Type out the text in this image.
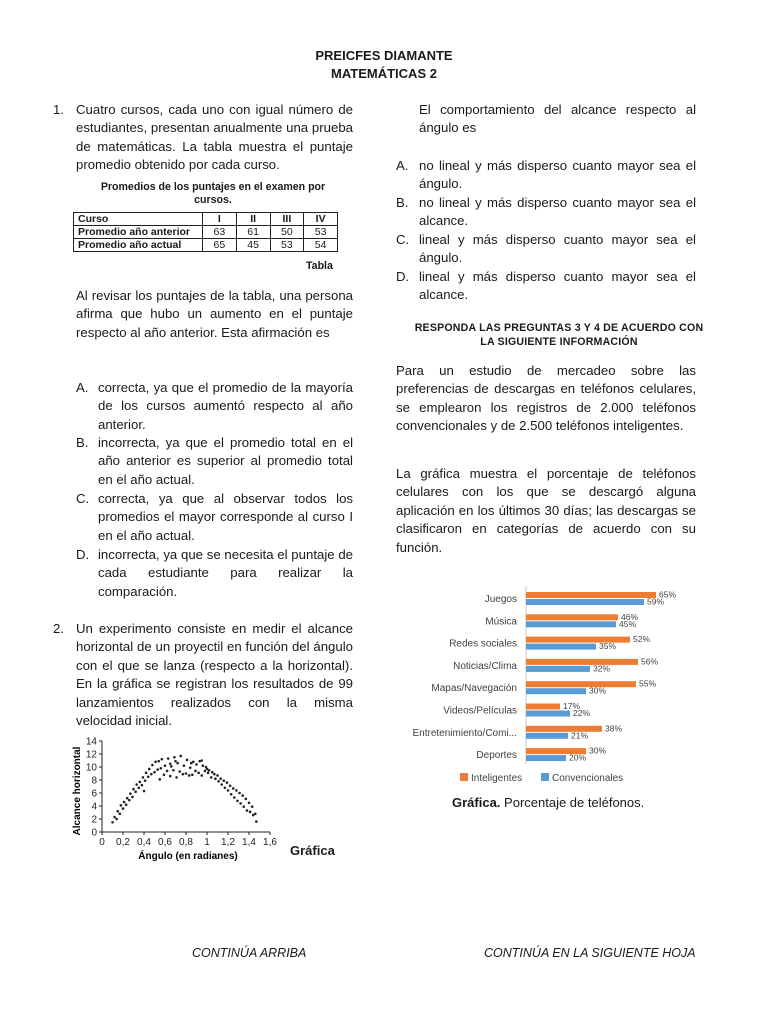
PREICFES DIAMANTE
MATEMÁTICAS 2
1. Cuatro cursos, cada uno con igual número de estudiantes, presentan anualmente una prueba de matemáticas. La tabla muestra el puntaje promedio obtenido por cada curso.
Promedios de los puntajes en el examen por cursos.
Curso	I	II	III	IV
Promedio año anterior	63	61	50	53
Promedio año actual	65	45	53	54
Tabla
Al revisar los puntajes de la tabla, una persona afirma que hubo un aumento en el puntaje respecto al año anterior. Esta afirmación es
A. correcta, ya que el promedio de la mayoría de los cursos aumentó respecto al año anterior.
B. incorrecta, ya que el promedio total en el año anterior es superior al promedio total en el año actual.
C. correcta, ya que al observar todos los promedios el mayor corresponde al curso I en el año actual.
D. incorrecta, ya que se necesita el puntaje de cada estudiante para realizar la comparación.
2. Un experimento consiste en medir el alcance horizontal de un proyectil en función del ángulo con el que se lanza (respecto a la horizontal). En la gráfica se registran los resultados de 99 lanzamientos realizados con la misma velocidad inicial.
0
2
4
6
8
10
12
14
0 0,2 0,4 0,6 0,8 1 1,2 1,4 1,6
Alcance horizontal
Ángulo (en radianes)	Gráfica
El comportamiento del alcance respecto al ángulo es
A. no lineal y más disperso cuanto mayor sea el ángulo.
B. no lineal y más disperso cuanto mayor sea el alcance.
C. lineal y más disperso cuanto mayor sea el ángulo.
D. lineal y más disperso cuanto mayor sea el alcance.
RESPONDA LAS PREGUNTAS 3 Y 4 DE ACUERDO CON LA SIGUIENTE INFORMACIÓN
Para un estudio de mercadeo sobre las preferencias de descargas en teléfonos celulares, se emplearon los registros de 2.000 teléfonos convencionales y de 2.500 teléfonos inteligentes.
La gráfica muestra el porcentaje de teléfonos celulares con los que se descargó alguna aplicación en los últimos 30 días; las descargas se clasificaron en categorías de acuerdo con su función.
Juegos
Música
Redes sociales
Noticias/Clima
Mapas/Navegación
Videos/Películas
Entretenimiento/Comi...
Deportes
65%
59%
46%
45%
52%
35%
56%
32%
55%
30%
17%
22%
38%
21%
30%
20%
Inteligentes	Convencionales
Gráfica. Porcentaje de teléfonos.
CONTINÚA ARRIBA	CONTINÚA EN LA SIGUIENTE HOJA
